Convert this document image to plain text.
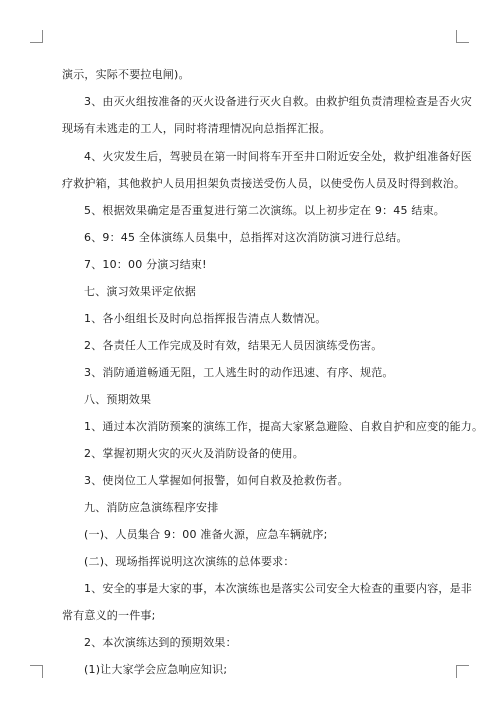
演示，实际不要拉电闸)。
3、由灭火组按准备的灭火设备进行灭火自救。由救护组负责清理检查是否火灾
现场有未逃走的工人，同时将清理情况向总指挥汇报。
4、火灾发生后，驾驶员在第一时间将车开至井口附近安全处，救护组准备好医
疗救护箱，其他救护人员用担架负责接送受伤人员，以使受伤人员及时得到救治。
5、根据效果确定是否重复进行第二次演练。以上初步定在 9：45 结束。
6、9：45 全体演练人员集中，总指挥对这次消防演习进行总结。
7、10：00 分演习结束!
七、演习效果评定依据
1、各小组组长及时向总指挥报告清点人数情况。
2、各责任人工作完成及时有效，结果无人员因演练受伤害。
3、消防通道畅通无阻，工人逃生时的动作迅速、有序、规范。
八、预期效果
1、通过本次消防预案的演练工作，提高大家紧急避险、自救自护和应变的能力。
2、掌握初期火灾的灭火及消防设备的使用。
3、使岗位工人掌握如何报警，如何自救及抢救伤者。
九、消防应急演练程序安排
(一)、人员集合 9：00 准备火源，应急车辆就序;
(二)、现场指挥说明这次演练的总体要求：
1、安全的事是大家的事，本次演练也是落实公司安全大检查的重要内容，是非
常有意义的一件事;
2、本次演练达到的预期效果：
(1)让大家学会应急响应知识;
